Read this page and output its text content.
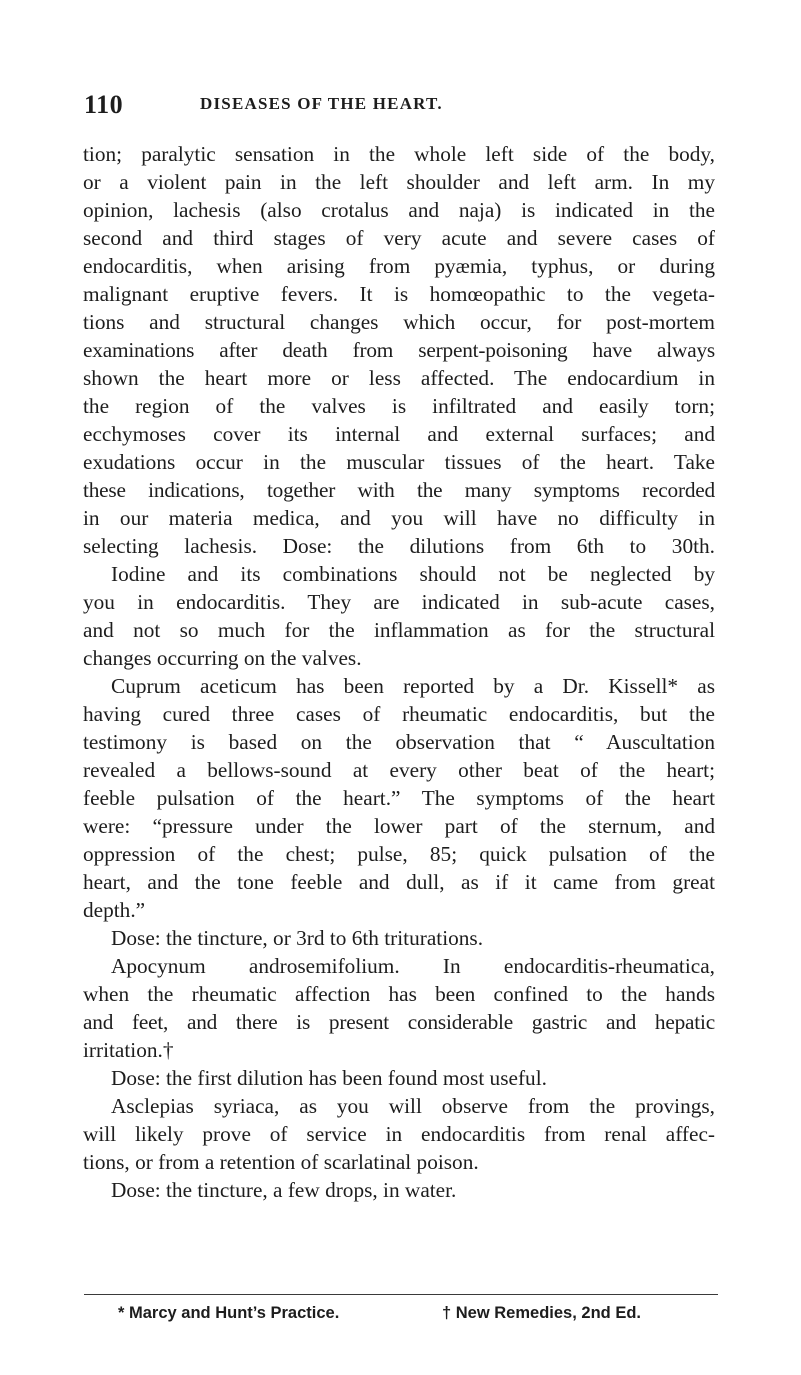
110	DISEASES OF THE HEART.
tion; paralytic sensation in the whole left side of the body,
or a violent pain in the left shoulder and left arm. In my
opinion, lachesis (also crotalus and naja) is indicated in the
second and third stages of very acute and severe cases of
endocarditis, when arising from pyæmia, typhus, or during
malignant eruptive fevers. It is homœopathic to the vegeta-
tions and structural changes which occur, for post-mortem
examinations after death from serpent-poisoning have always
shown the heart more or less affected. The endocardium in
the region of the valves is infiltrated and easily torn;
ecchymoses cover its internal and external surfaces; and
exudations occur in the muscular tissues of the heart. Take
these indications, together with the many symptoms recorded
in our materia medica, and you will have no difficulty in
selecting lachesis. Dose: the dilutions from 6th to 30th.
Iodine and its combinations should not be neglected by
you in endocarditis. They are indicated in sub-acute cases,
and not so much for the inflammation as for the structural
changes occurring on the valves.
Cuprum aceticum has been reported by a Dr. Kissell* as
having cured three cases of rheumatic endocarditis, but the
testimony is based on the observation that “ Auscultation
revealed a bellows-sound at every other beat of the heart;
feeble pulsation of the heart.” The symptoms of the heart
were: “pressure under the lower part of the sternum, and
oppression of the chest; pulse, 85; quick pulsation of the
heart, and the tone feeble and dull, as if it came from great
depth.”
Dose: the tincture, or 3rd to 6th triturations.
Apocynum androsemifolium. In endocarditis-rheumatica,
when the rheumatic affection has been confined to the hands
and feet, and there is present considerable gastric and hepatic
irritation.†
Dose: the first dilution has been found most useful.
Asclepias syriaca, as you will observe from the provings,
will likely prove of service in endocarditis from renal affec-
tions, or from a retention of scarlatinal poison.
Dose: the tincture, a few drops, in water.
* Marcy and Hunt’s Practice.	† New Remedies, 2nd Ed.
